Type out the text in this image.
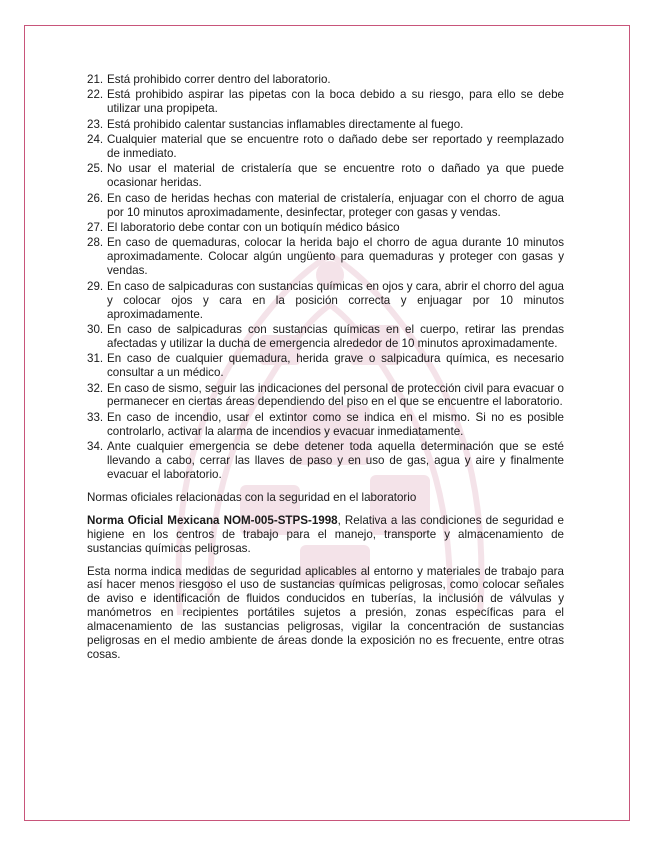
21. Está prohibido correr dentro del laboratorio.
22. Está prohibido aspirar las pipetas con la boca debido a su riesgo, para ello se debe utilizar una propipeta.
23. Está prohibido calentar sustancias inflamables directamente al fuego.
24. Cualquier material que se encuentre roto o dañado debe ser reportado y reemplazado de inmediato.
25. No usar el material de cristalería que se encuentre roto o dañado ya que puede ocasionar heridas.
26. En caso de heridas hechas con material de cristalería, enjuagar con el chorro de agua por 10 minutos aproximadamente, desinfectar, proteger con gasas y vendas.
27. El laboratorio debe contar con un botiquín médico básico
28. En caso de quemaduras, colocar la herida bajo el chorro de agua durante 10 minutos aproximadamente. Colocar algún ungüento para quemaduras y proteger con gasas y vendas.
29. En caso de salpicaduras con sustancias químicas en ojos y cara, abrir el chorro del agua y colocar ojos y cara en la posición correcta y enjuagar por 10 minutos aproximadamente.
30. En caso de salpicaduras con sustancias químicas en el cuerpo, retirar las prendas afectadas y utilizar la ducha de emergencia alrededor de 10 minutos aproximadamente.
31. En caso de cualquier quemadura, herida grave o salpicadura química, es necesario consultar a un médico.
32. En caso de sismo, seguir las indicaciones del personal de protección civil para evacuar o permanecer en ciertas áreas dependiendo del piso en el que se encuentre el laboratorio.
33. En caso de incendio, usar el extintor como se indica en el mismo. Si no es posible controlarlo, activar la alarma de incendios y evacuar inmediatamente.
34. Ante cualquier emergencia se debe detener toda aquella determinación que se esté llevando a cabo, cerrar las llaves de paso y en uso de gas, agua y aire y finalmente evacuar el laboratorio.

Normas oficiales relacionadas con la seguridad en el laboratorio

Norma Oficial Mexicana NOM-005-STPS-1998, Relativa a las condiciones de seguridad e higiene en los centros de trabajo para el manejo, transporte y almacenamiento de sustancias químicas peligrosas.

Esta norma indica medidas de seguridad aplicables al entorno y materiales de trabajo para así hacer menos riesgoso el uso de sustancias químicas peligrosas, como colocar señales de aviso e identificación de fluidos conducidos en tuberías, la inclusión de válvulas y manómetros en recipientes portátiles sujetos a presión, zonas específicas para el almacenamiento de las sustancias peligrosas, vigilar la concentración de sustancias peligrosas en el medio ambiente de áreas donde la exposición no es frecuente, entre otras cosas.
